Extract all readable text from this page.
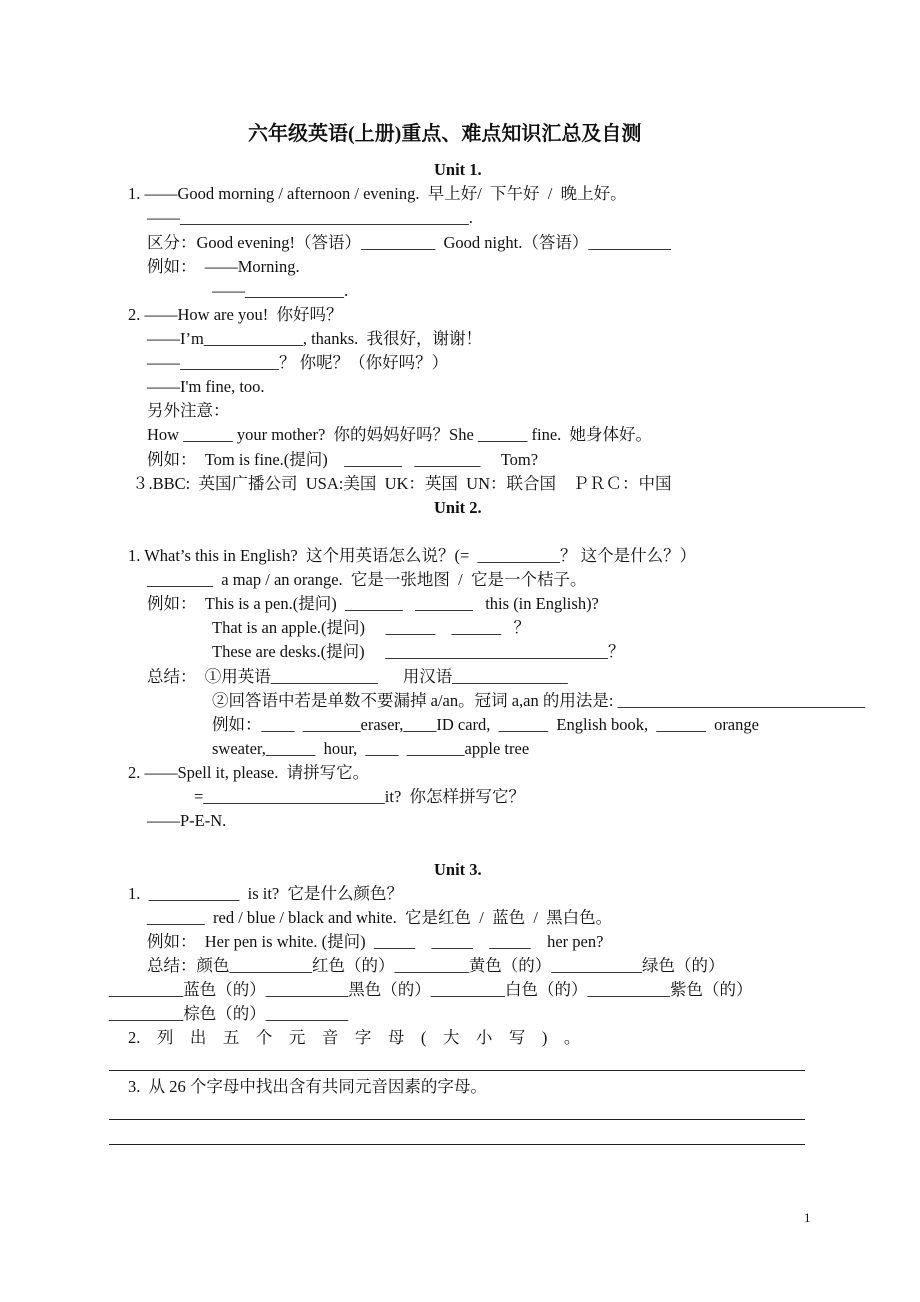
六年级英语(上册)重点、难点知识汇总及自测
Unit 1.
1. ——Good morning / afternoon / evening.  早上好/  下午好  /  晚上好。
——___________________________________.
区分：Good evening!（答语）_________  Good night.（答语）__________
例如：  ——Morning.
——____________.
2. ——How are you!  你好吗？
——I’m____________, thanks.  我很好，谢谢！
——____________？ 你呢？（你好吗？）
——I'm fine, too.
另外注意：
How ______ your mother?  你的妈妈好吗？She ______ fine.  她身体好。
例如：  Tom is fine.(提问)    _______   ________     Tom?
３.BBC:  英国广播公司  USA:美国  UK：英国  UN：联合国    ＰＲＣ：中国
Unit 2.
1. What’s this in English?  这个用英语怎么说？(=  __________？ 这个是什么？）
________  a map / an orange.  它是一张地图  /  它是一个桔子。
例如：  This is a pen.(提问)  _______   _______   this (in English)?
That is an apple.(提问)     ______    ______   ？
These are desks.(提问)     ___________________________？
总结：  ①用英语_____________      用汉语______________
②回答语中若是单数不要漏掉 a/an。冠词 a,an 的用法是: ______________________________
例如：____  _______eraser,____ID card,  ______  English book,  ______  orange
sweater,______  hour,  ____  _______apple tree
2. ——Spell it, please.  请拼写它。
=______________________it?  你怎样拼写它？
——P-E-N.
Unit 3.
1.  ___________  is it?  它是什么颜色？
_______  red / blue / black and white.  它是红色  /  蓝色  /  黑白色。
例如：  Her pen is white. (提问)  _____    _____    _____    her pen?
总结：颜色__________红色（的）_________黄色（的）___________绿色（的）
_________蓝色（的）__________黑色（的）_________白色（的）__________紫色（的）
_________棕色（的）__________
2.    列    出    五    个    元    音    字    母    (    大    小    写    )    。
3.  从 26 个字母中找出含有共同元音因素的字母。
1
